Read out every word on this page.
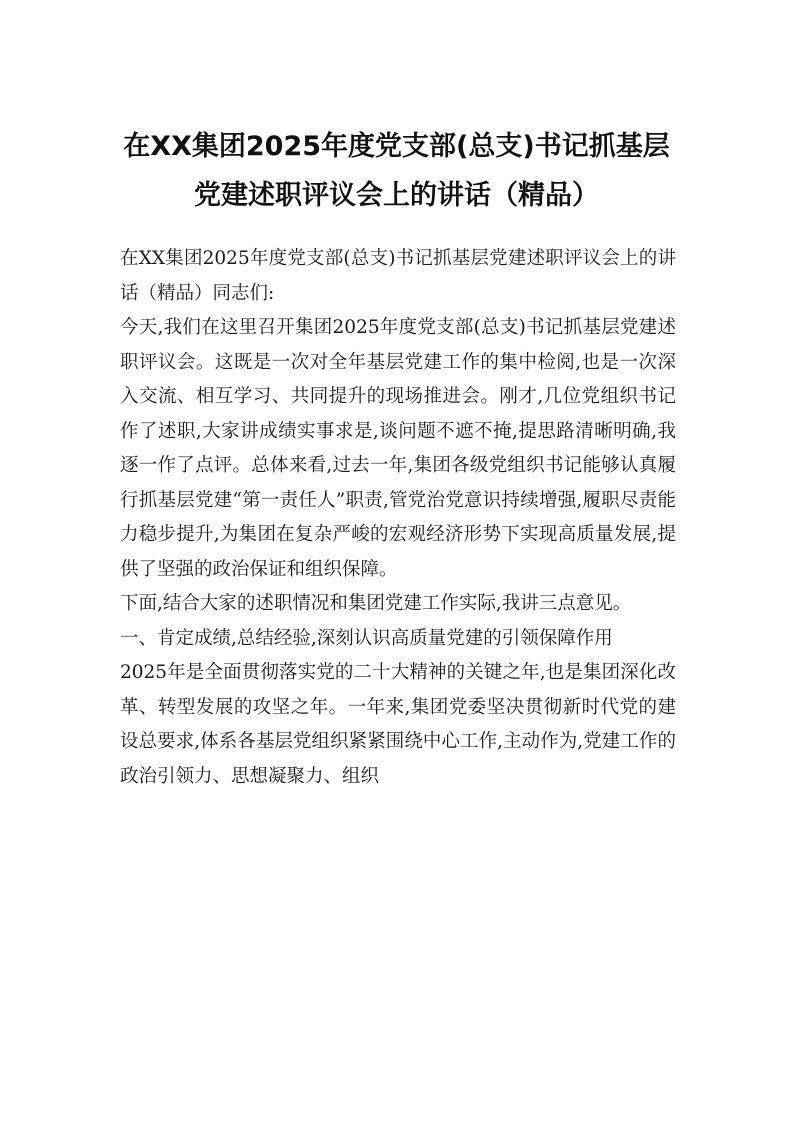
在XX集团2025年度党支部(总支)书记抓基层党建述职评议会上的讲话（精品）

在XX集团2025年度党支部(总支)书记抓基层党建述职评议会上的讲话（精品）同志们:

今天,我们在这里召开集团2025年度党支部(总支)书记抓基层党建述职评议会。这既是一次对全年基层党建工作的集中检阅,也是一次深入交流、相互学习、共同提升的现场推进会。刚才,几位党组织书记作了述职,大家讲成绩实事求是,谈问题不遮不掩,提思路清晰明确,我逐一作了点评。总体来看,过去一年,集团各级党组织书记能够认真履行抓基层党建“第一责任人”职责,管党治党意识持续增强,履职尽责能力稳步提升,为集团在复杂严峻的宏观经济形势下实现高质量发展,提供了坚强的政治保证和组织保障。

下面,结合大家的述职情况和集团党建工作实际,我讲三点意见。

一、肯定成绩,总结经验,深刻认识高质量党建的引领保障作用

2025年是全面贯彻落实党的二十大精神的关键之年,也是集团深化改革、转型发展的攻坚之年。一年来,集团党委坚决贯彻新时代党的建设总要求,体系各基层党组织紧紧围绕中心工作,主动作为,党建工作的政治引领力、思想凝聚力、组织
